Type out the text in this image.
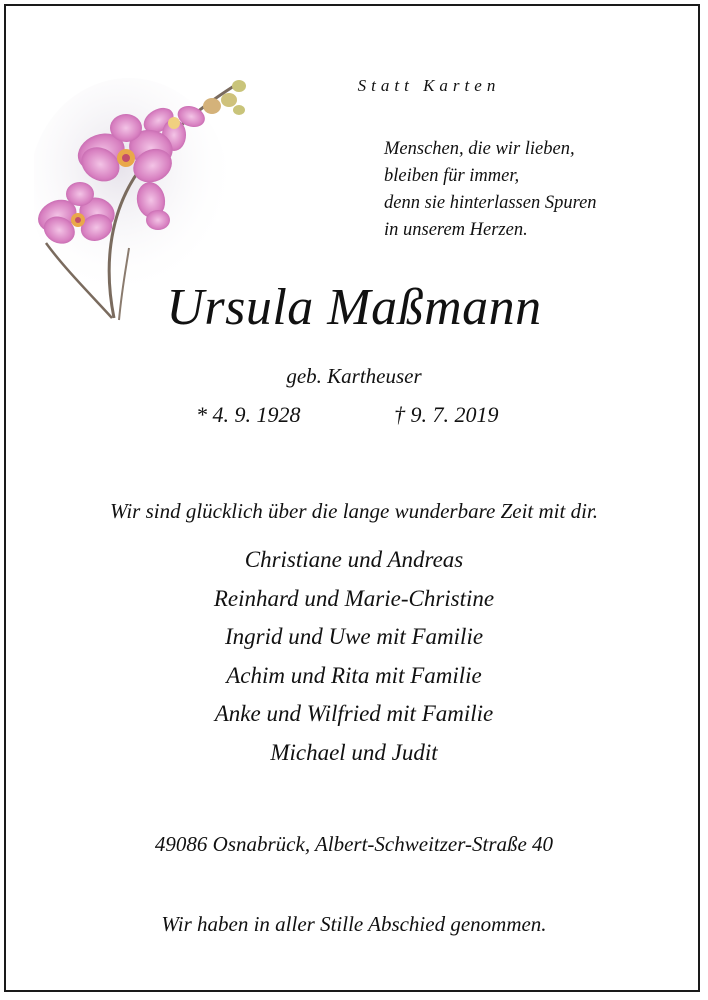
Statt Karten
Menschen, die wir lieben,
bleiben für immer,
denn sie hinterlassen Spuren
in unserem Herzen.
Ursula Maßmann
geb. Kartheuser
* 4. 9. 1928	† 9. 7. 2019
Wir sind glücklich über die lange wunderbare Zeit mit dir.
Christiane und Andreas
Reinhard und Marie-Christine
Ingrid und Uwe mit Familie
Achim und Rita mit Familie
Anke und Wilfried mit Familie
Michael und Judit
49086 Osnabrück, Albert-Schweitzer-Straße 40
Wir haben in aller Stille Abschied genommen.
